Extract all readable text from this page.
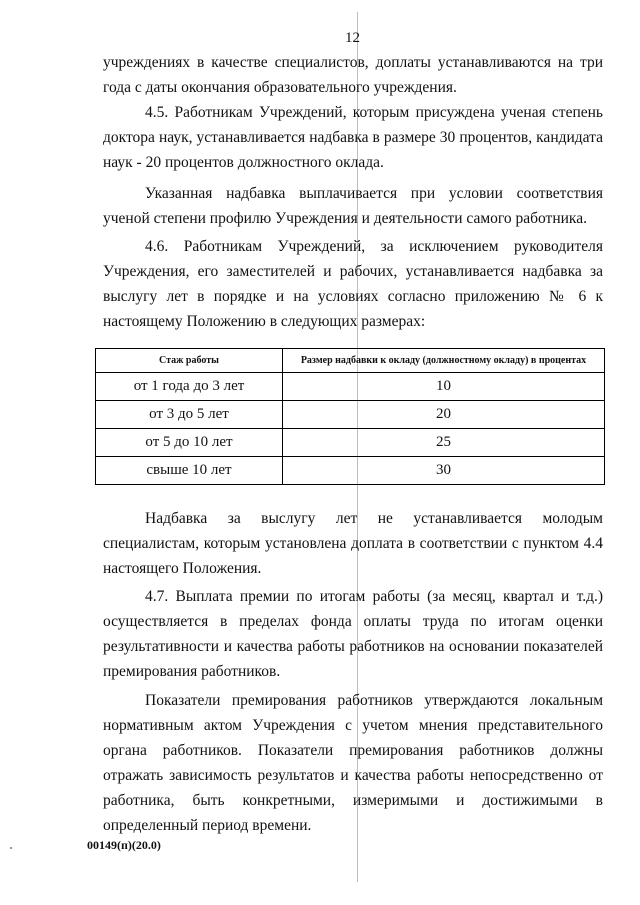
12

учреждениях в качестве специалистов, доплаты устанавливаются на три года с даты окончания образовательного учреждения.

4.5. Работникам Учреждений, которым присуждена ученая степень доктора наук, устанавливается надбавка в размере 30 процентов, кандидата наук - 20 процентов должностного оклада.

Указанная надбавка выплачивается при условии соответствия ученой степени профилю Учреждения и деятельности самого работника.

4.6. Работникам Учреждений, за исключением руководителя Учреждения, его заместителей и рабочих, устанавливается надбавка за выслугу лет в порядке и на условиях согласно приложению № 6 к настоящему Положению в следующих размерах:

Стаж работы	Размер надбавки к окладу (должностному окладу) в процентах
от 1 года до 3 лет	10
от 3 до 5 лет	20
от 5 до 10 лет	25
свыше 10 лет	30

Надбавка за выслугу лет не устанавливается молодым специалистам, которым установлена доплата в соответствии с пунктом 4.4 настоящего Положения.

4.7. Выплата премии по итогам работы (за месяц, квартал и т.д.) осуществляется в пределах фонда оплаты труда по итогам оценки результативности и качества работы работников на основании показателей премирования работников.

Показатели премирования работников утверждаются локальным нормативным актом Учреждения с учетом мнения представительного органа работников. Показатели премирования работников должны отражать зависимость результатов и качества работы непосредственно от работника, быть конкретными, измеримыми и достижимыми в определенный период времени.

00149(п)(20.0)
